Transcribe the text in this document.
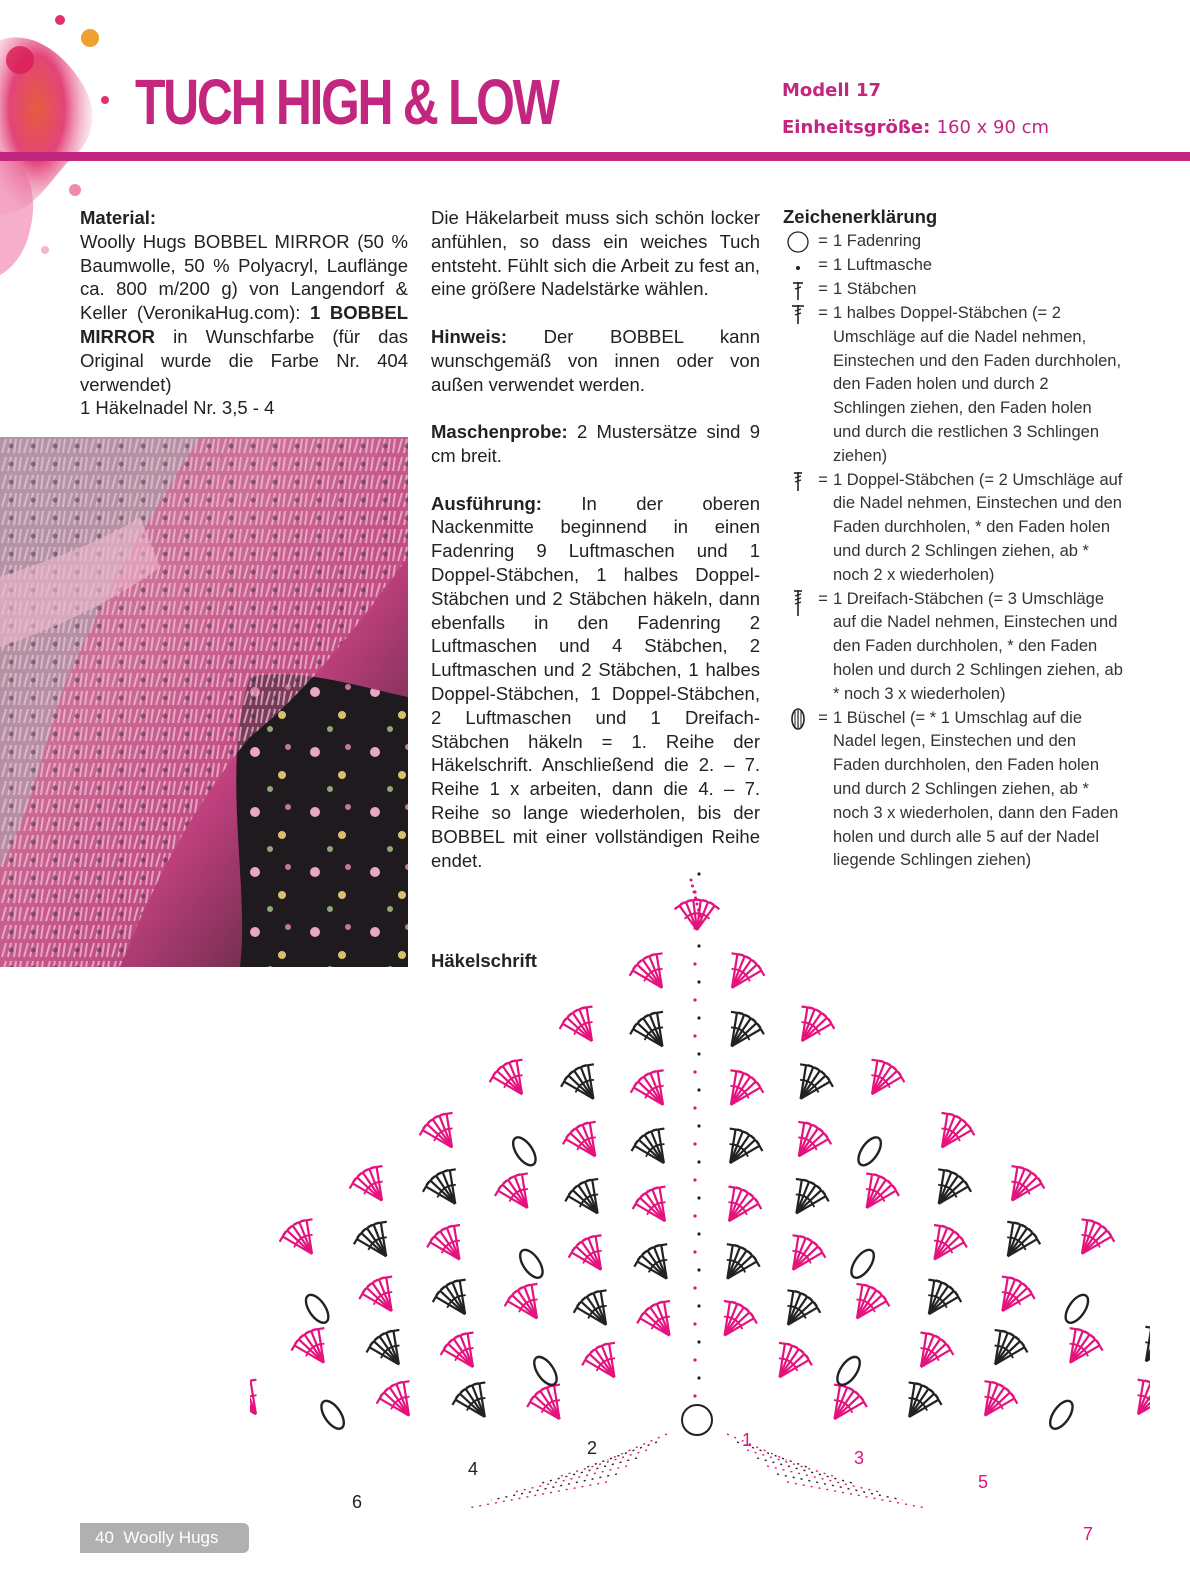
TUCH HIGH & LOW	Modell 17
Einheitsgröße: 160 x 90 cm
Material:
Woolly Hugs BOBBEL MIRROR (50 % Baumwolle, 50 % Polyacryl, Lauflänge ca. 800 m/200 g) von Langendorf & Keller (VeronikaHug.com): 1 BOBBEL MIRROR in Wunschfarbe (für das Original wurde die Farbe Nr. 404 verwendet)
1 Häkelnadel Nr. 3,5 - 4

Die Häkelarbeit muss sich schön locker anfühlen, so dass ein weiches Tuch entsteht. Fühlt sich die Arbeit zu fest an, eine größere Nadelstärke wählen.

Hinweis: Der BOBBEL kann wunschgemäß von innen oder von außen verwendet werden.

Maschenprobe: 2 Mustersätze sind 9 cm breit.

Ausführung: In der oberen Nackenmitte beginnend in einen Fadenring 9 Luftmaschen und 1 Doppel-Stäbchen, 1 halbes Doppel-Stäbchen und 2 Stäbchen häkeln, dann ebenfalls in den Fadenring 2 Luftmaschen und 4 Stäbchen, 2 Luftmaschen und 2 Stäbchen, 1 halbes Doppel-Stäbchen, 1 Doppel-Stäbchen, 2 Luftmaschen und 1 Dreifach-Stäbchen häkeln = 1. Reihe der Häkelschrift. Anschließend die 2. – 7. Reihe 1 x arbeiten, dann die 4. – 7. Reihe so lange wiederholen, bis der BOBBEL mit einer vollständigen Reihe endet.

Zeichenerklärung
= 1 Fadenring
= 1 Luftmasche
= 1 Stäbchen
= 1 halbes Doppel-Stäbchen (= 2 Umschläge auf die Nadel nehmen, Einstechen und den Faden durchholen, den Faden holen und durch 2 Schlingen ziehen, den Faden holen und durch die restlichen 3 Schlingen ziehen)
= 1 Doppel-Stäbchen (= 2 Umschläge auf die Nadel nehmen, Einstechen und den Faden durchholen, * den Faden holen und durch 2 Schlingen ziehen, ab * noch 2 x wiederholen)
= 1 Dreifach-Stäbchen (= 3 Umschläge auf die Nadel nehmen, Einstechen und den Faden durchholen, * den Faden holen und durch 2 Schlingen ziehen, ab * noch 3 x wiederholen)
= 1 Büschel (= * 1 Umschlag auf die Nadel legen, Einstechen und den Faden durchholen, den Faden holen und durch 2 Schlingen ziehen, ab * noch 3 x wiederholen, dann den Faden holen und durch alle 5 auf der Nadel liegende Schlingen ziehen)
Häkelschrift
1
2	3
4
5
6
7
40 Woolly Hugs
